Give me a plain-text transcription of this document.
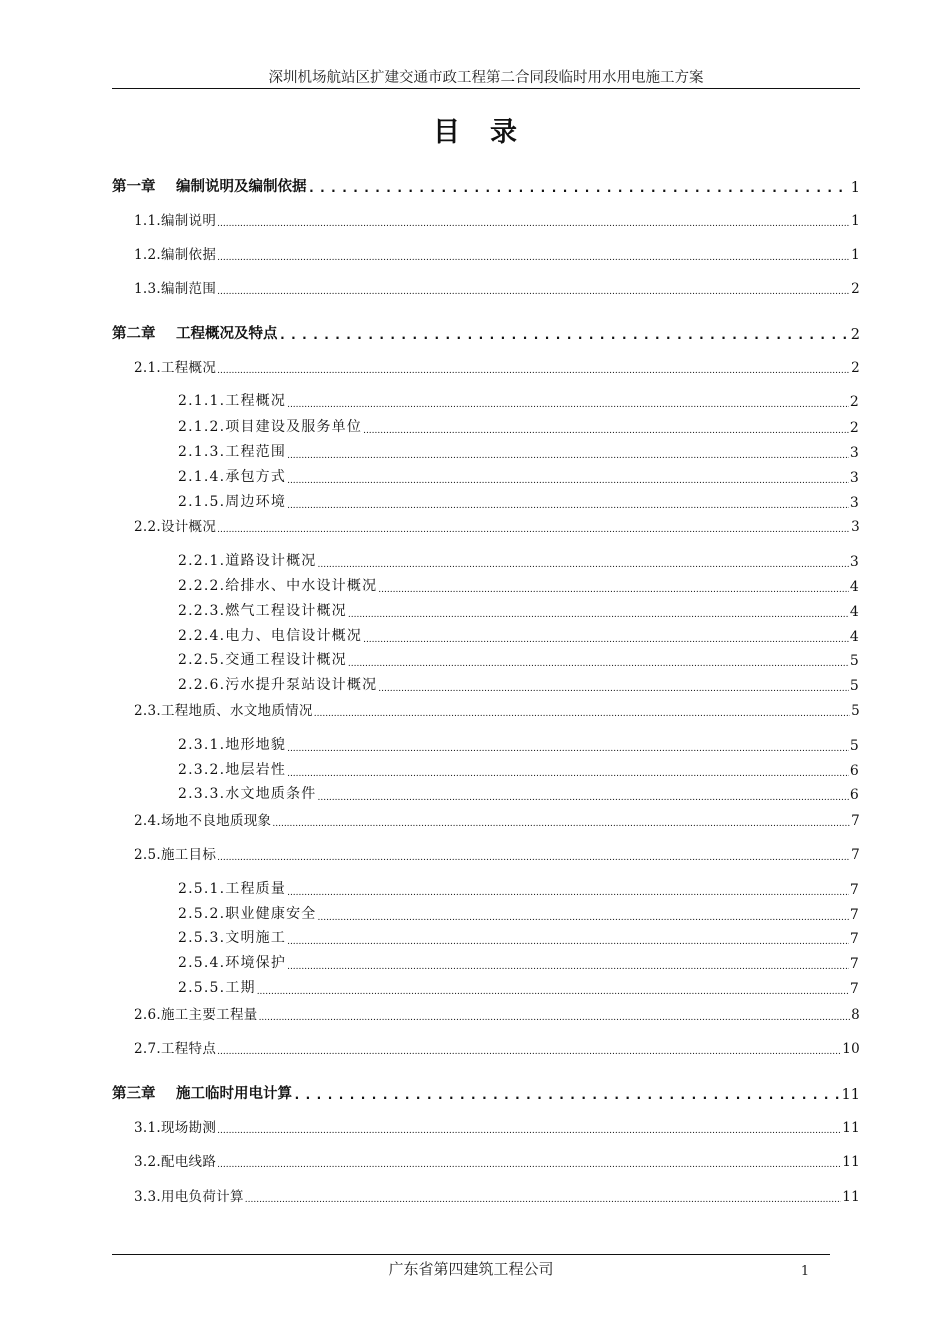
深圳机场航站区扩建交通市政工程第二合同段临时用水用电施工方案
目录
第一章 编制说明及编制依据 .....	1
1.1.编制说明 .....	1
1.2.编制依据 .....	1
1.3.编制范围 .....	2
第二章 工程概况及特点 .....	2
2.1.工程概况 .....	2
2.1.1.工程概况 .....	2
2.1.2.项目建设及服务单位 .....	2
2.1.3.工程范围 .....	3
2.1.4.承包方式 .....	3
2.1.5.周边环境 .....	3
2.2.设计概况 .....	3
2.2.1.道路设计概况 .....	3
2.2.2.给排水、中水设计概况 .....	4
2.2.3.燃气工程设计概况 .....	4
2.2.4.电力、电信设计概况 .....	4
2.2.5.交通工程设计概况 .....	5
2.2.6.污水提升泵站设计概况 .....	5
2.3.工程地质、水文地质情况 .....	5
2.3.1.地形地貌 .....	5
2.3.2.地层岩性 .....	6
2.3.3.水文地质条件 .....	6
2.4.场地不良地质现象 .....	7
2.5.施工目标 .....	7
2.5.1.工程质量 .....	7
2.5.2.职业健康安全 .....	7
2.5.3.文明施工 .....	7
2.5.4.环境保护 .....	7
2.5.5.工期 .....	7
2.6.施工主要工程量 .....	8
2.7.工程特点 .....	10
第三章 施工临时用电计算 .....	11
3.1.现场勘测 .....	11
3.2.配电线路 .....	11
3.3.用电负荷计算 .....	11
广东省第四建筑工程公司	1
